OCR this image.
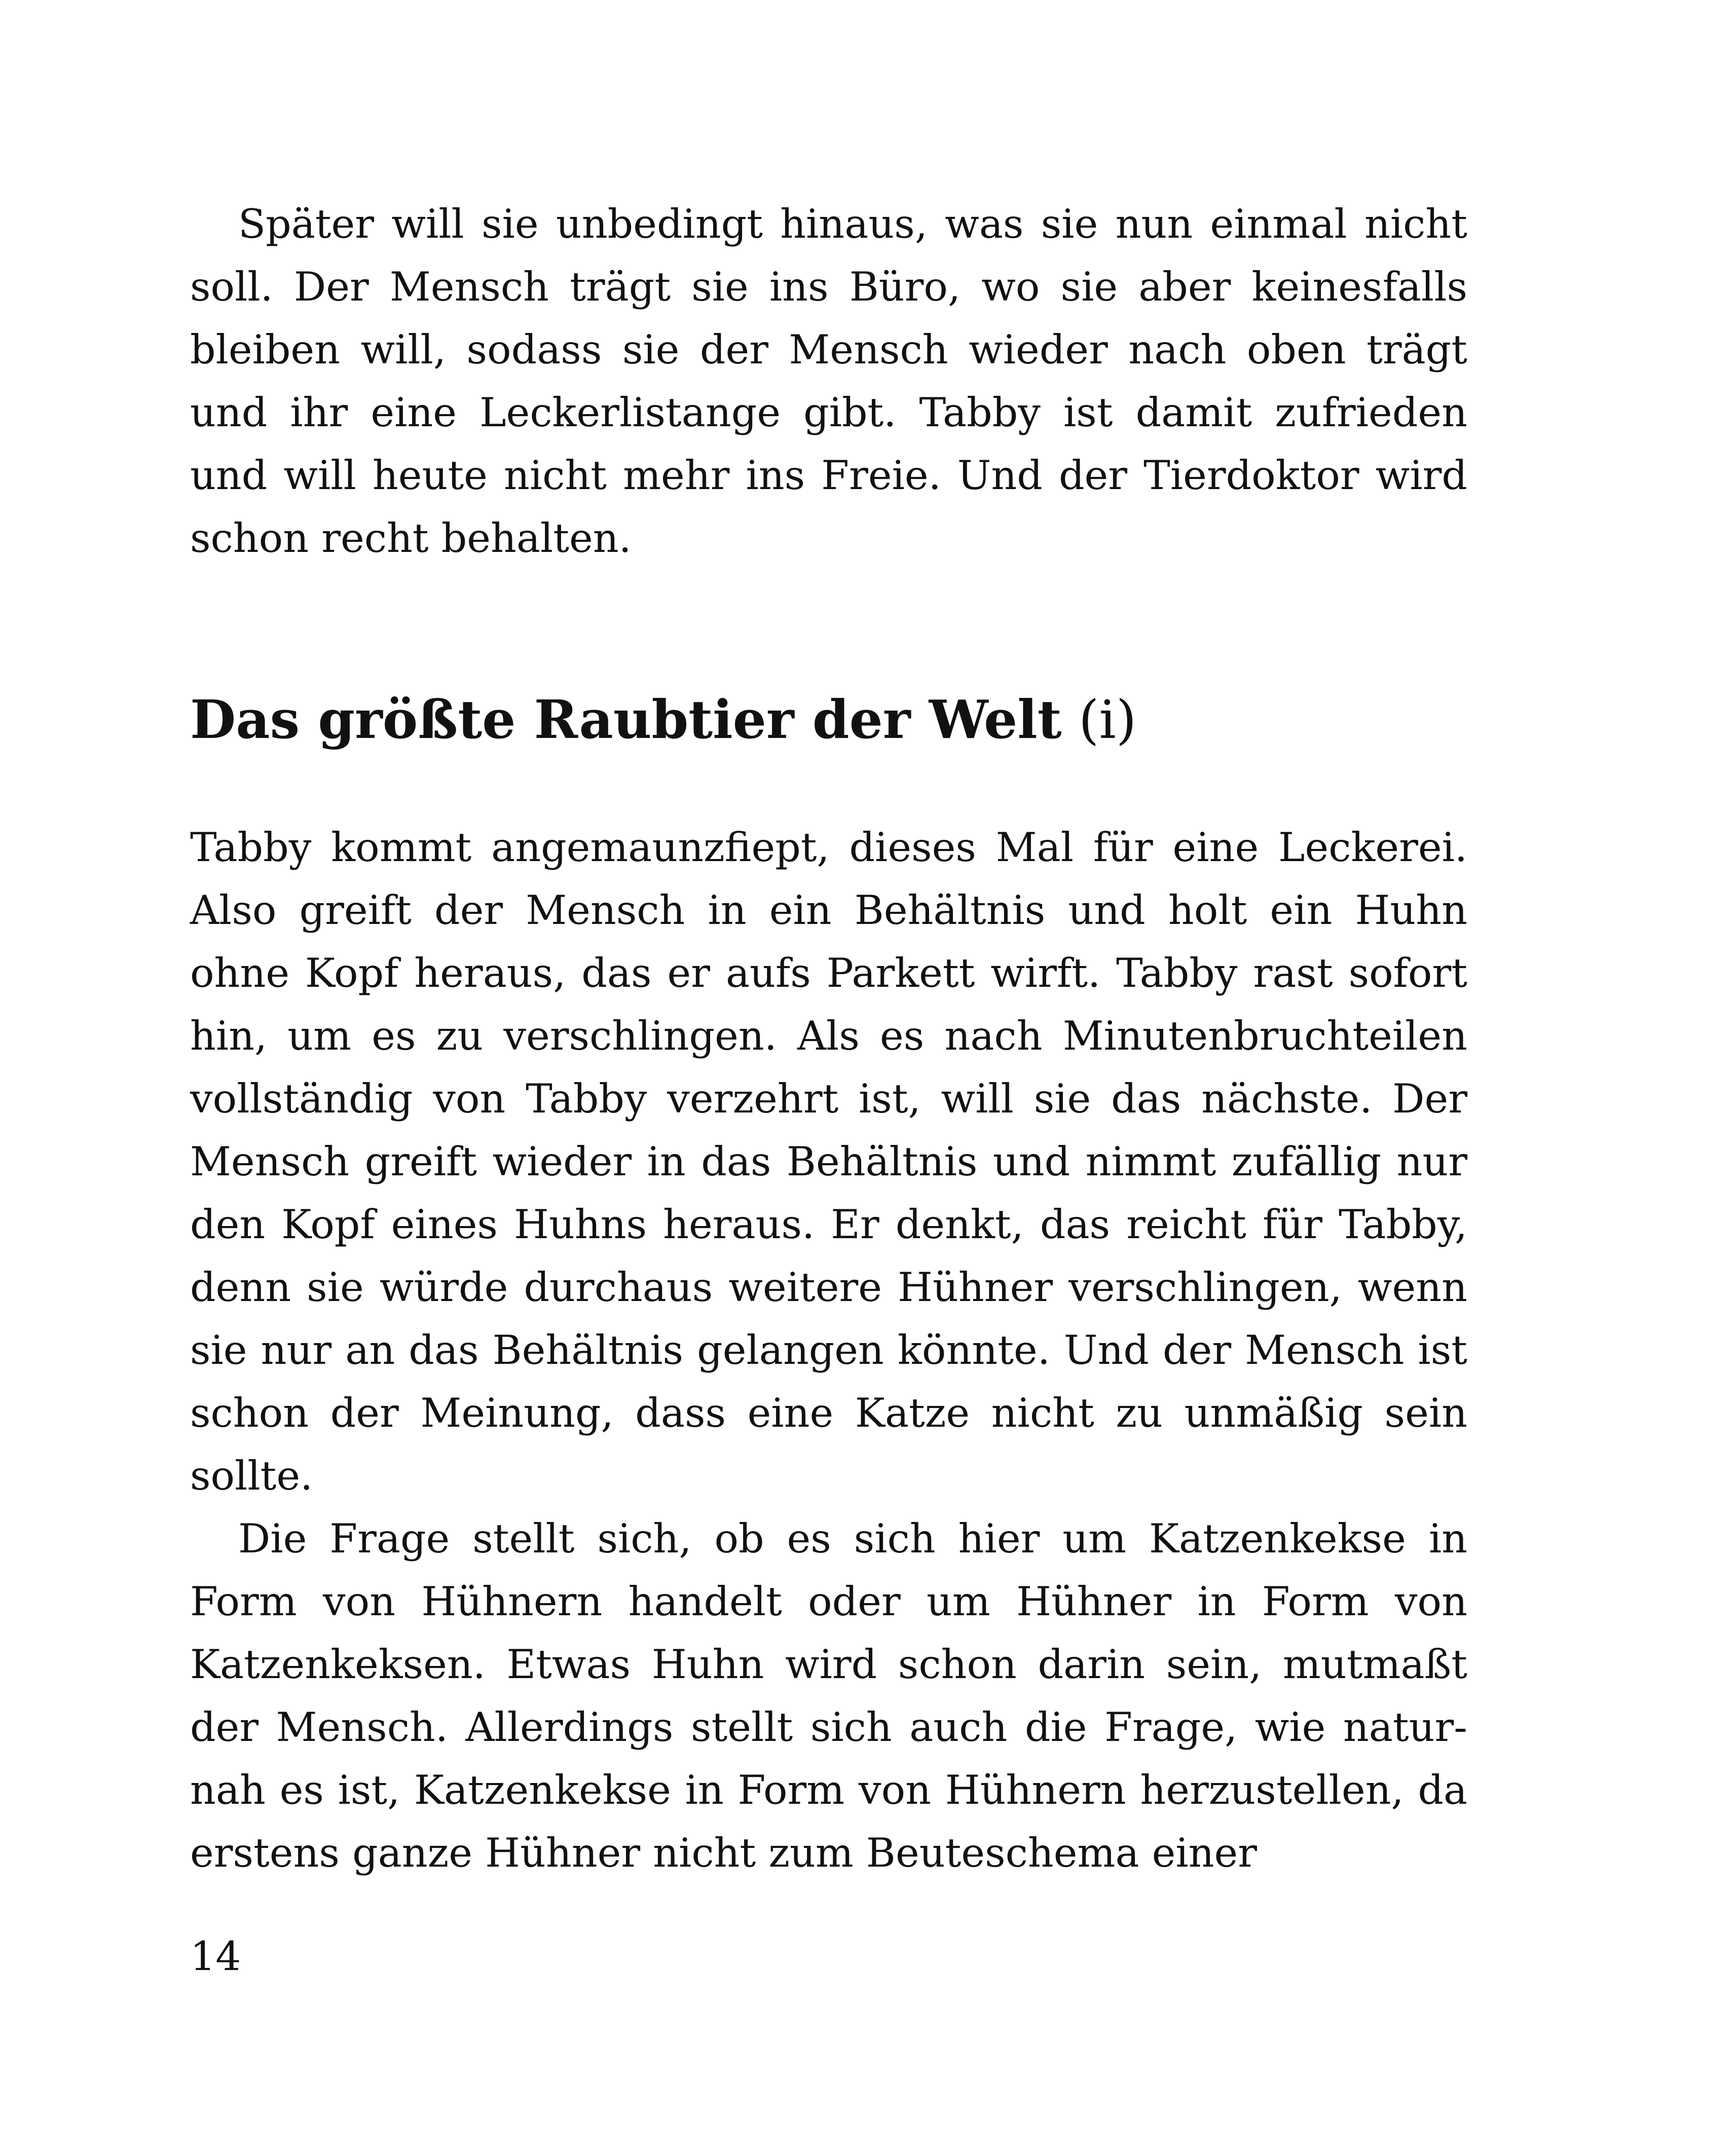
Später will sie unbedingt hinaus, was sie nun einmal nicht soll. Der Mensch trägt sie ins Büro, wo sie aber keinesfalls bleiben will, sodass sie der Mensch wieder nach oben trägt und ihr eine Leckerlistange gibt. Tabby ist damit zufrieden und will heute nicht mehr ins Freie. Und der Tierdoktor wird schon recht behalten.

Das größte Raubtier der Welt (i)

Tabby kommt angemaunzfiept, dieses Mal für eine Leckerei. Also greift der Mensch in ein Behältnis und holt ein Huhn ohne Kopf heraus, das er aufs Parkett wirft. Tabby rast sofort hin, um es zu verschlingen. Als es nach Minutenbruchteilen vollständig von Tabby verzehrt ist, will sie das nächste. Der Mensch greift wieder in das Behältnis und nimmt zufällig nur den Kopf eines Huhns heraus. Er denkt, das reicht für Tabby, denn sie würde durchaus weitere Hühner verschlingen, wenn sie nur an das Behältnis gelangen könnte. Und der Mensch ist schon der Meinung, dass eine Katze nicht zu unmäßig sein sollte.

Die Frage stellt sich, ob es sich hier um Katzenkekse in Form von Hühnern handelt oder um Hühner in Form von Katzenkeksen. Etwas Huhn wird schon darin sein, mutmaßt der Mensch. Allerdings stellt sich auch die Frage, wie naturnah es ist, Katzenkekse in Form von Hühnern herzustellen, da erstens ganze Hühner nicht zum Beuteschema einer

14
